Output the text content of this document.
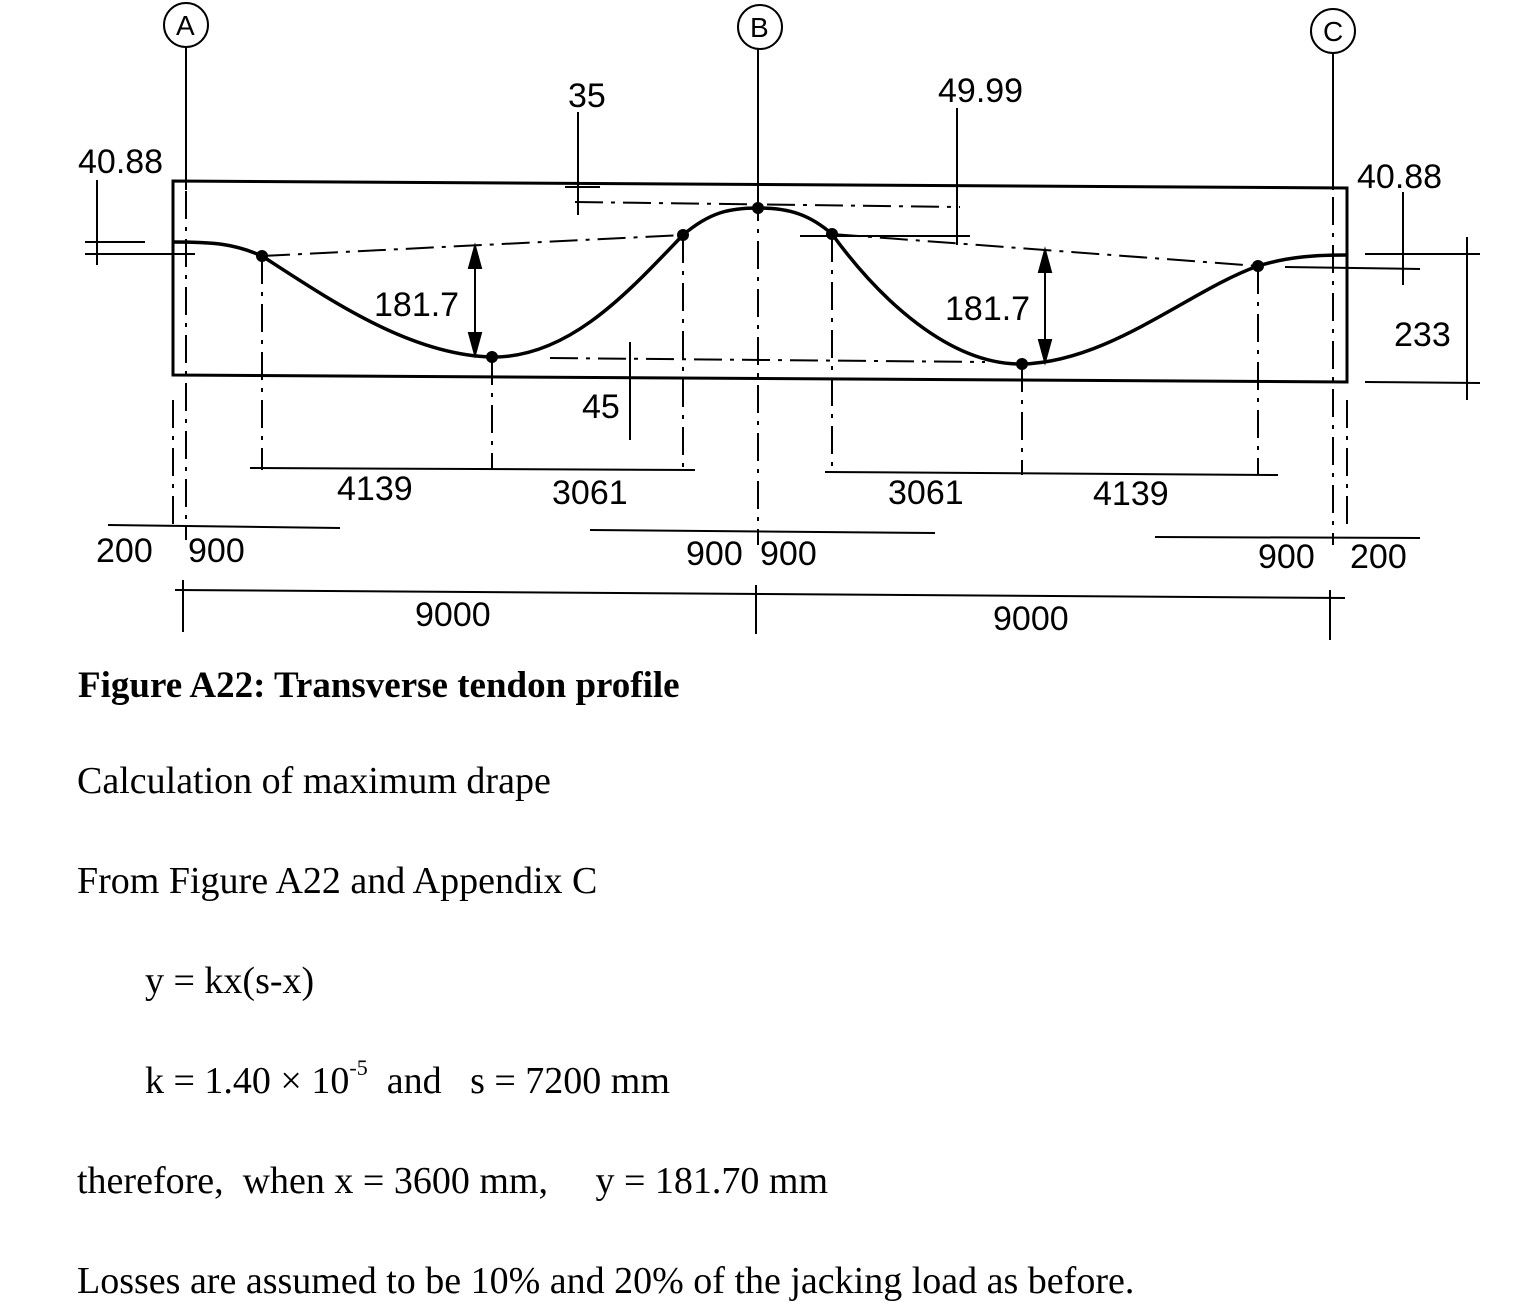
A	B	C
40.88	40.88
35	49.99
181.7	181.7
45
233
4139	3061	3061	4139
200 900	900 900	900 200
9000	9000
Figure A22: Transverse tendon profile
Calculation of maximum drape
From Figure A22 and Appendix C
y = kx(s-x)
$k = 1.40 \times 10^{-5}$  and   s = 7200 mm
therefore,  when x = 3600 mm,     y = 181.70 mm
Losses are assumed to be 10% and 20% of the jacking load as before.
